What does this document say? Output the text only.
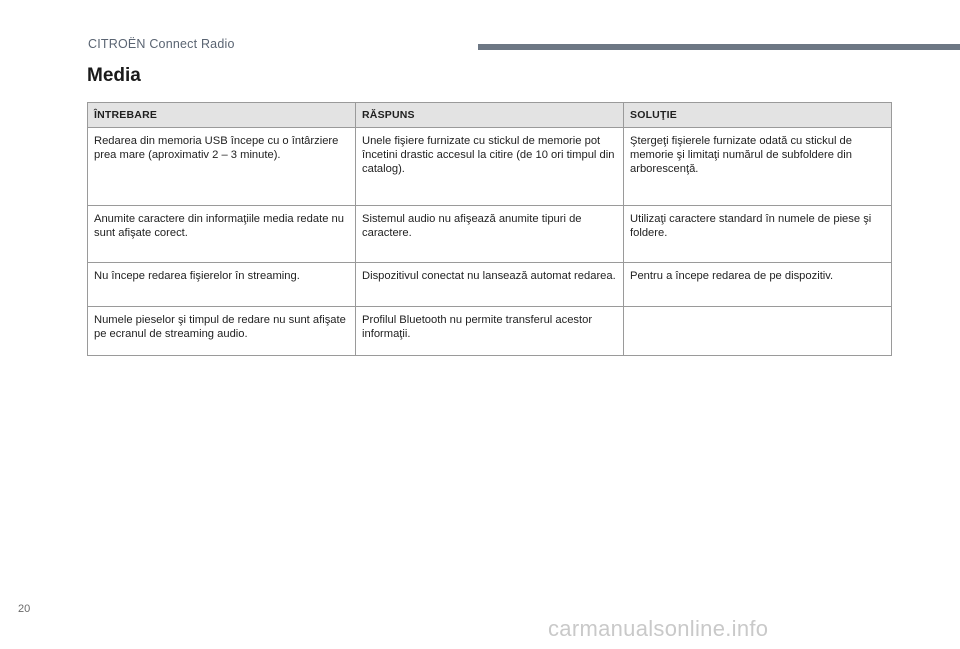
CITROËN Connect Radio
Media
ÎNTREBARE	RĂSPUNS	SOLUŢIE
Redarea din memoria USB începe cu o întârziere prea mare (aproximativ 2 – 3 minute).	Unele fişiere furnizate cu stickul de memorie pot încetini drastic accesul la citire (de 10 ori timpul din catalog).	Ştergeţi fişierele furnizate odată cu stickul de memorie şi limitaţi numărul de subfoldere din arborescenţă.
Anumite caractere din informaţiile media redate nu sunt afişate corect.	Sistemul audio nu afişează anumite tipuri de caractere.	Utilizaţi caractere standard în numele de piese şi foldere.
Nu începe redarea fişierelor în streaming.	Dispozitivul conectat nu lansează automat redarea.	Pentru a începe redarea de pe dispozitiv.
Numele pieselor şi timpul de redare nu sunt afişate pe ecranul de streaming audio.	Profilul Bluetooth nu permite transferul acestor informaţii.	
20
carmanualsonline.info
